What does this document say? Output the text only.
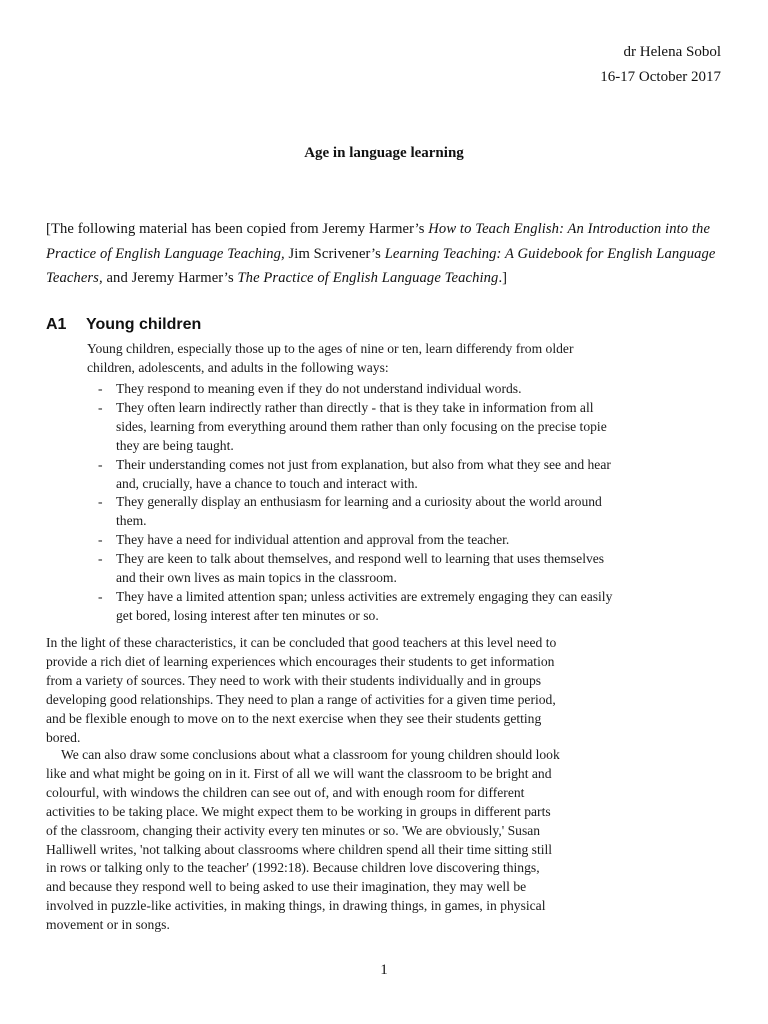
dr Helena Sobol
16-17 October 2017
Age in language learning

[The following material has been copied from Jeremy Harmer’s How to Teach English: An Introduction into the Practice of English Language Teaching, Jim Scrivener’s Learning Teaching: A Guidebook for English Language Teachers, and Jeremy Harmer’s The Practice of English Language Teaching.]

A1 Young children

Young children, especially those up to the ages of nine or ten, learn differendy from older children, adolescents, and adults in the following ways:

- They respond to meaning even if they do not understand individual words.
- They often learn indirectly rather than directly - that is they take in information from all sides, learning from everything around them rather than only focusing on the precise topie they are being taught.
- Their understanding comes not just from explanation, but also from what they see and hear and, crucially, have a chance to touch and interact with.
- They generally display an enthusiasm for learning and a curiosity about the world around them.
- They have a need for individual attention and approval from the teacher.
- They are keen to talk about themselves, and respond well to learning that uses themselves and their own lives as main topics in the classroom.
- They have a limited attention span; unless activities are extremely engaging they can easily get bored, losing interest after ten minutes or so.

In the light of these characteristics, it can be concluded that good teachers at this level need to provide a rich diet of learning experiences which encourages their students to get information from a variety of sources. They need to work with their students individually and in groups developing good relationships. They need to plan a range of activities for a given time period, and be flexible enough to move on to the next exercise when they see their students getting bored.

We can also draw some conclusions about what a classroom for young children should look like and what might be going on in it. First of all we will want the classroom to be bright and colourful, with windows the children can see out of, and with enough room for different activities to be taking place. We might expect them to be working in groups in different parts of the classroom, changing their activity every ten minutes or so. 'We are obviously,' Susan Halliwell writes, 'not talking about classrooms where children spend all their time sitting still in rows or talking only to the teacher' (1992:18). Because children love discovering things, and because they respond well to being asked to use their imagination, they may well be involved in puzzle-like activities, in making things, in drawing things, in games, in physical movement or in songs.

1
